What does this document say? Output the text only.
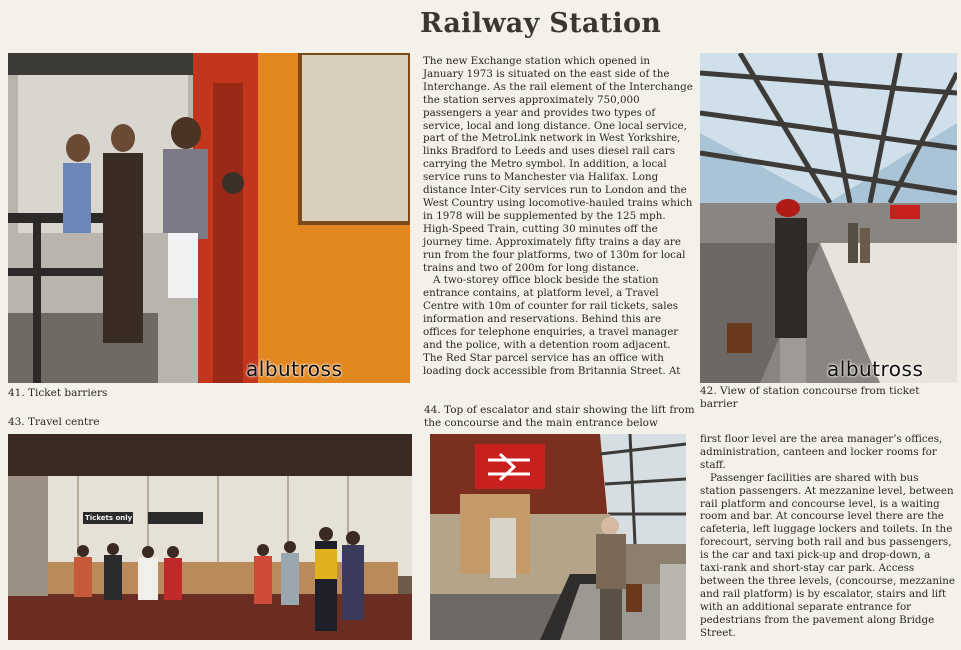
Railway Station
albutross
41. Ticket barriers
albutross
42. View of station concourse from ticket barrier
43. Travel centre
Tickets only
44. Top of escalator and stair showing the lift from the concourse and the main entrance below

The new Exchange station which opened in January 1973 is situated on the east side of the Interchange. As the rail element of the Interchange the station serves approximately 750,000 passengers a year and provides two types of service, local and long distance. One local service, part of the MetroLink network in West Yorkshire, links Bradford to Leeds and uses diesel rail cars carrying the Metro symbol. In addition, a local service runs to Manchester via Halifax. Long distance Inter-City services run to London and the West Country using locomotive-hauled trains which in 1978 will be supplemented by the 125 mph. High-Speed Train, cutting 30 minutes off the journey time. Approximately fifty trains a day are run from the four platforms, two of 130m for local trains and two of 200m for long distance.

A two-storey office block beside the station entrance contains, at platform level, a Travel Centre with 10m of counter for rail tickets, sales information and reservations. Behind this are offices for telephone enquiries, a travel manager and the police, with a detention room adjacent. The Red Star parcel service has an office with loading dock accessible from Britannia Street. At

first floor level are the area manager’s offices, administration, canteen and locker rooms for staff.

Passenger facilities are shared with bus station passengers. At mezzanine level, between rail platform and concourse level, is a waiting room and bar. At concourse level there are the cafeteria, left luggage lockers and toilets. In the forecourt, serving both rail and bus passengers, is the car and taxi pick-up and drop-down, a taxi-rank and short-stay car park. Access between the three levels, (concourse, mezzanine and rail platform) is by escalator, stairs and lift with an additional separate entrance for pedestrians from the pavement along Bridge Street.
